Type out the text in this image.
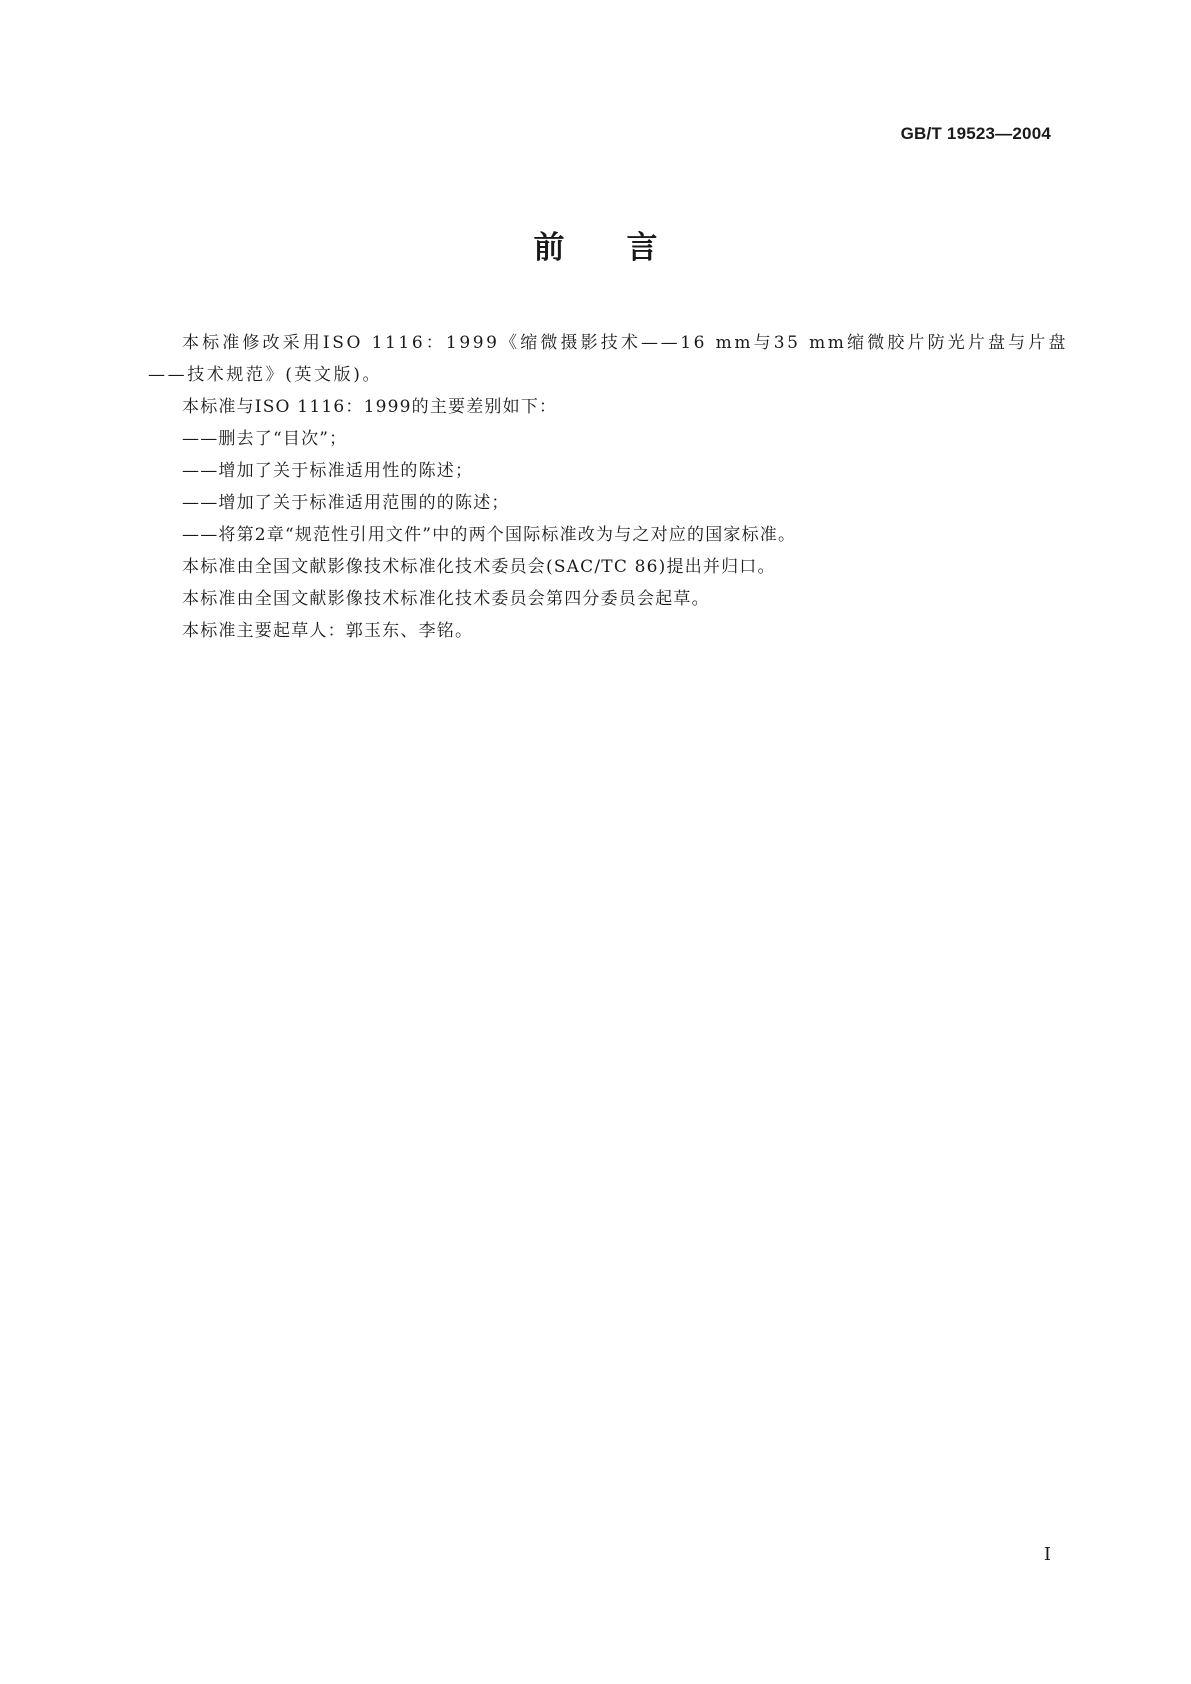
GB/T 19523—2004
前言

本标准修改采用ISO 1116：1999《缩微摄影技术——16 mm与35 mm缩微胶片防光片盘与片盘——技术规范》(英文版)。

本标准与ISO 1116：1999的主要差别如下：

——删去了“目次”；

——增加了关于标准适用性的陈述；

——增加了关于标准适用范围的的陈述；

——将第2章“规范性引用文件”中的两个国际标准改为与之对应的国家标准。

本标准由全国文献影像技术标准化技术委员会(SAC/TC 86)提出并归口。

本标准由全国文献影像技术标准化技术委员会第四分委员会起草。

本标准主要起草人：郭玉东、李铭。

I
